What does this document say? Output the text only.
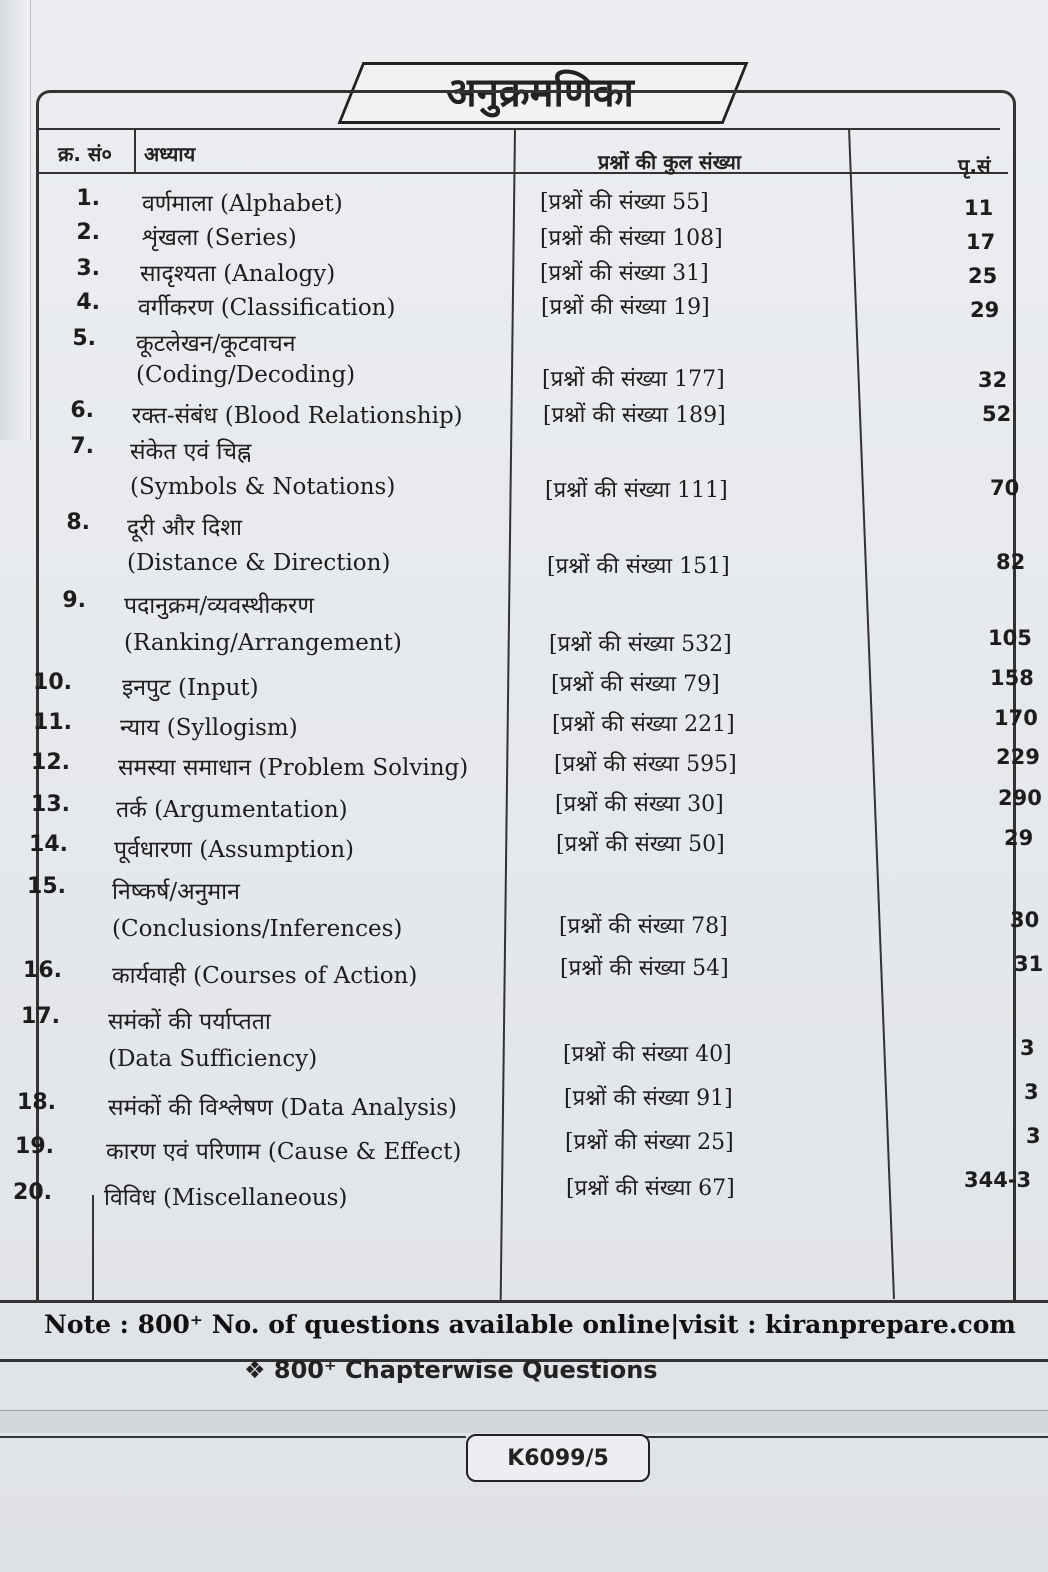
अनुक्रमणिका
क्र. सं० अध्याय	प्रश्नों की कुल संख्या	पृ.सं
1. वर्णमाला (Alphabet)	[प्रश्नों की संख्या 55]	11
2. शृंखला (Series)	[प्रश्नों की संख्या 108]	17
3. सादृश्यता (Analogy)	[प्रश्नों की संख्या 31]	25
4. वर्गीकरण (Classification)	[प्रश्नों की संख्या 19]	29
5. कूटलेखन/कूटवाचन
(Coding/Decoding)	[प्रश्नों की संख्या 177]	32
6. रक्त-संबंध (Blood Relationship)	[प्रश्नों की संख्या 189]	52
7. संकेत एवं चिह्न
(Symbols & Notations)	[प्रश्नों की संख्या 111]	70
8. दूरी और दिशा
(Distance & Direction)	[प्रश्नों की संख्या 151]	82
9. पदानुक्रम/व्यवस्थीकरण
(Ranking/Arrangement)	[प्रश्नों की संख्या 532]	105
10. इनपुट (Input)	[प्रश्नों की संख्या 79]	158
11. न्याय (Syllogism)	[प्रश्नों की संख्या 221]	170
12. समस्या समाधान (Problem Solving)	[प्रश्नों की संख्या 595]	229
13. तर्क (Argumentation)	[प्रश्नों की संख्या 30]	290
14. पूर्वधारणा (Assumption)	[प्रश्नों की संख्या 50]	29
15. निष्कर्ष/अनुमान
(Conclusions/Inferences)	[प्रश्नों की संख्या 78]	30
16. कार्यवाही (Courses of Action)	[प्रश्नों की संख्या 54]	31
17. समंकों की पर्याप्तता
(Data Sufficiency)	[प्रश्नों की संख्या 40]	3
18. समंकों की विश्लेषण (Data Analysis)	[प्रश्नों की संख्या 91]	3
19. कारण एवं परिणाम (Cause & Effect)	[प्रश्नों की संख्या 25]	3
20. विविध (Miscellaneous)	[प्रश्नों की संख्या 67]	344-3
Note : 800⁺ No. of questions available online|visit : kiranprepare.com
❖ 800⁺ Chapterwise Questions
K6099/5
